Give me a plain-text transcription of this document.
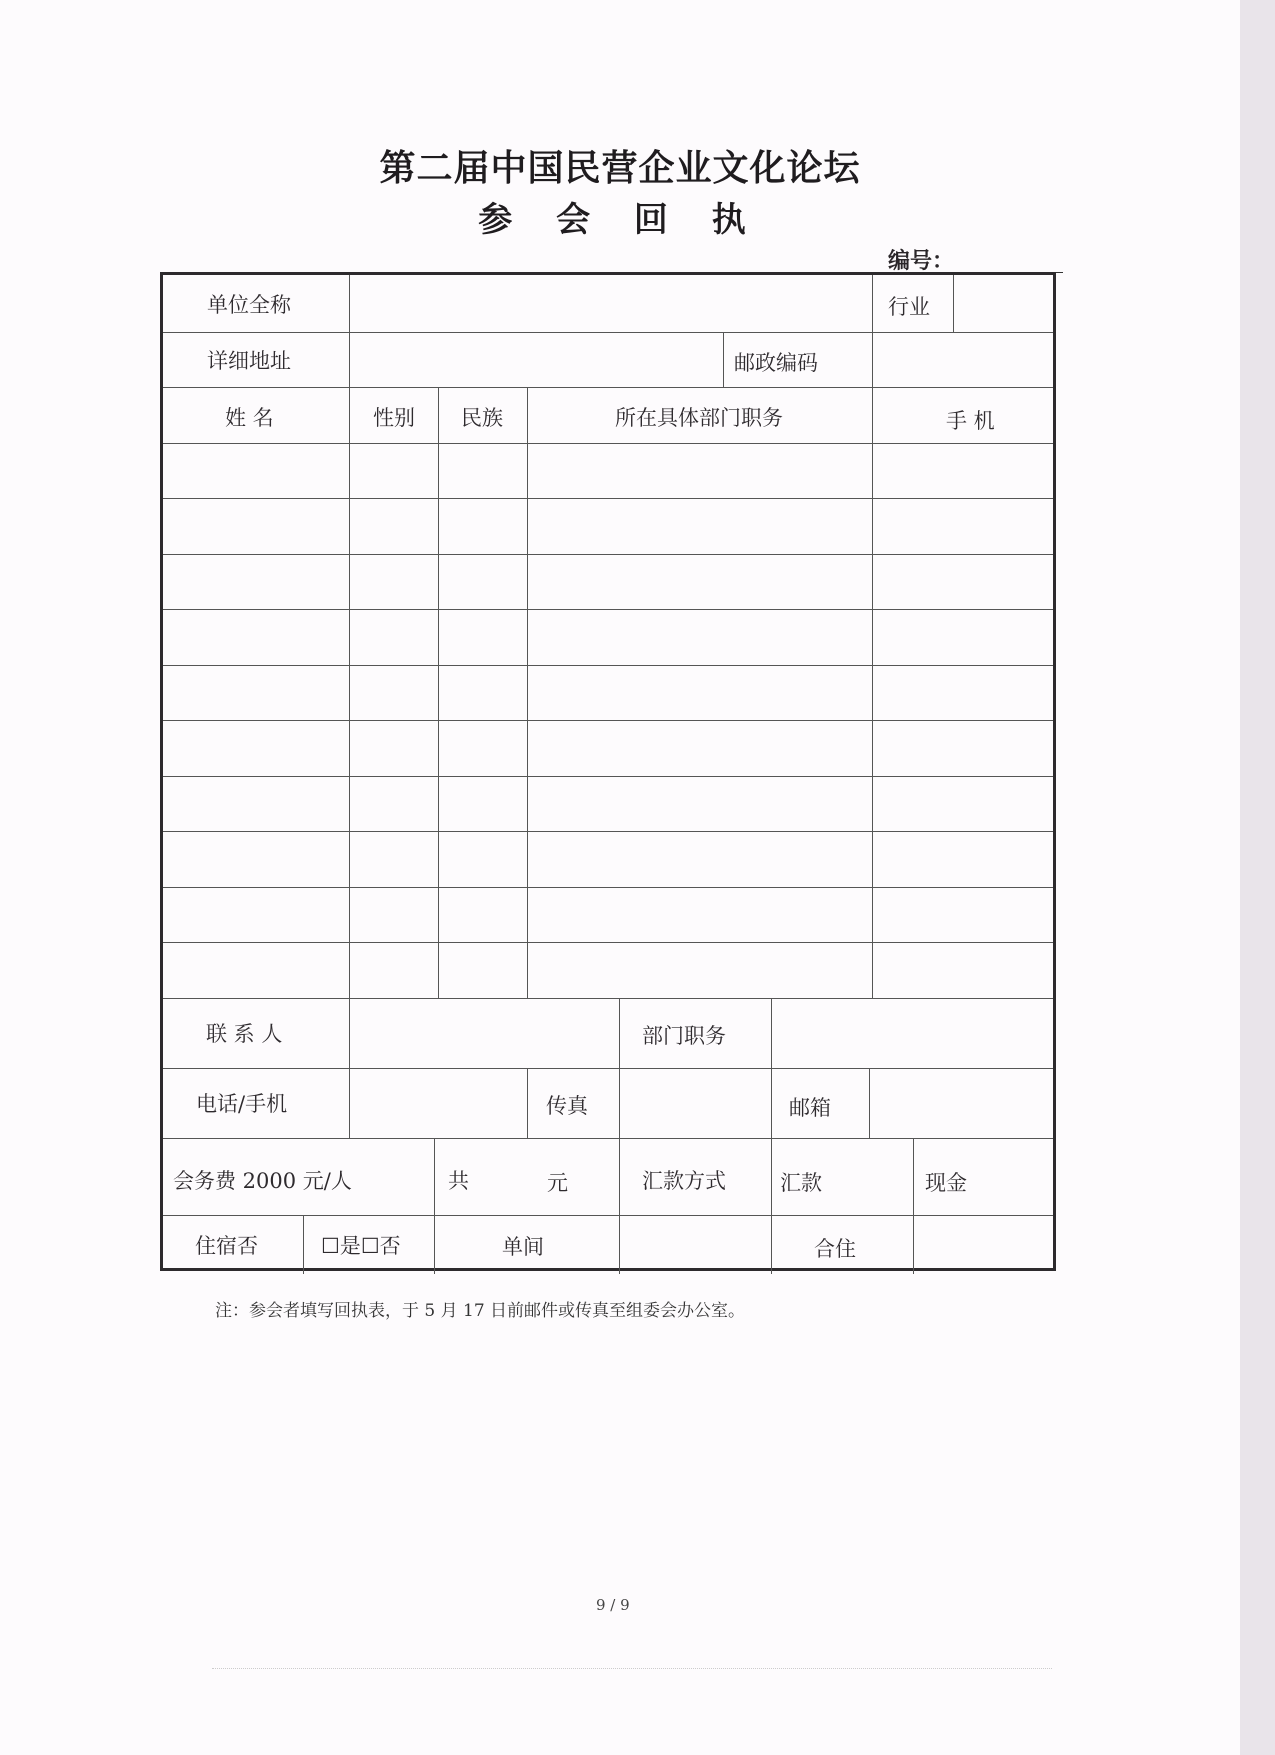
第二届中国民营企业文化论坛
参 会 回 执
编号：
单位全称	行业
详细地址	邮政编码
姓 名	性别 民族	所在具体部门职务	手 机
联 系 人	部门职务
电话/手机	传真	邮箱
会务费 2000 元/人	共	元	汇款方式	汇款	现金
住宿否	☐是☐否	单间	合住
注：参会者填写回执表，于 5 月 17 日前邮件或传真至组委会办公室。
9 / 9
